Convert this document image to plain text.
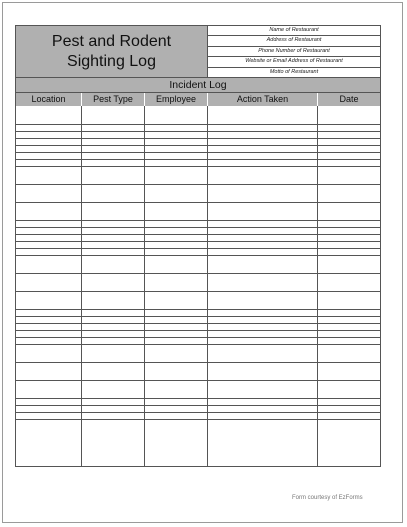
Pest and Rodent
Sighting Log
Name of Restaurant
Address of Restaurant
Phone Number of Restaurant
Website or Email Address of Restaurant
Motto of Restaurant
Incident Log
Location	Pest Type	Employee	Action Taken	Date
Form courtesy of EzForms
